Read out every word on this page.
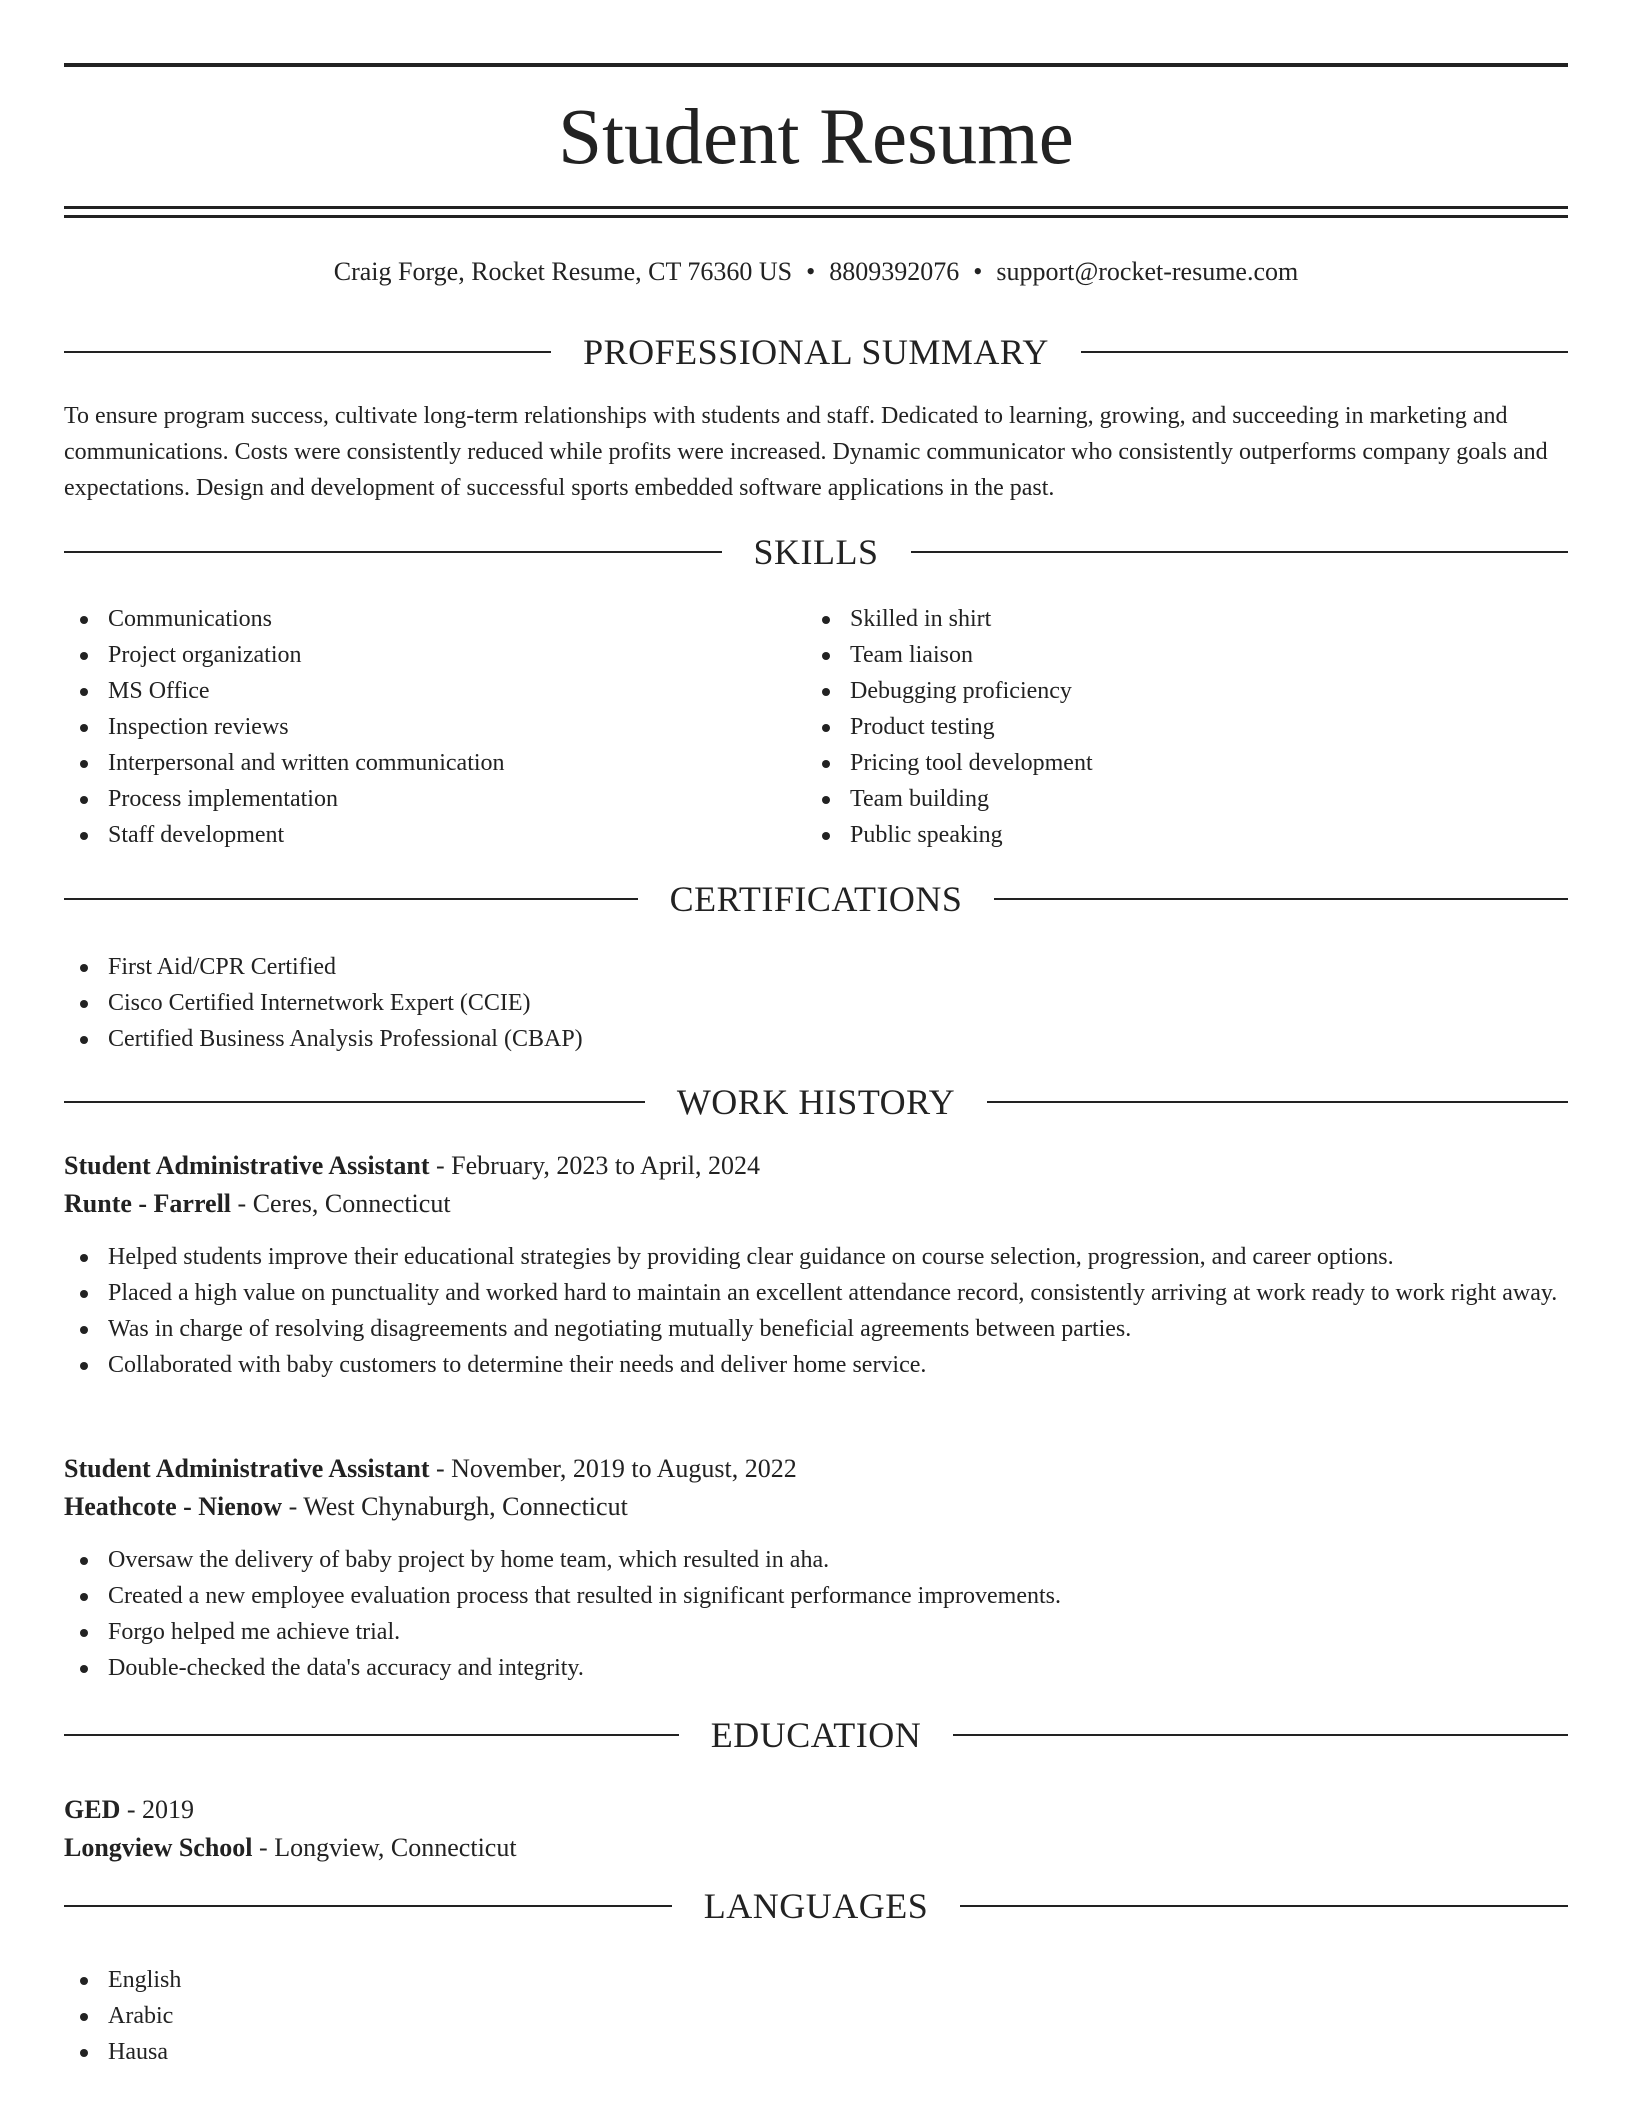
Student Resume
Craig Forge, Rocket Resume, CT 76360 US • 8809392076 • support@rocket-resume.com
PROFESSIONAL SUMMARY

To ensure program success, cultivate long-term relationships with students and staff. Dedicated to learning, growing, and succeeding in marketing and communications. Costs were consistently reduced while profits were increased. Dynamic communicator who consistently outperforms company goals and expectations. Design and development of successful sports embedded software applications in the past.

SKILLS
Communications
Project organization
MS Office
Inspection reviews
Interpersonal and written communication
Process implementation
Staff development
Skilled in shirt
Team liaison
Debugging proficiency
Product testing
Pricing tool development
Team building
Public speaking
CERTIFICATIONS
First Aid/CPR Certified
Cisco Certified Internetwork Expert (CCIE)
Certified Business Analysis Professional (CBAP)
WORK HISTORY
Student Administrative Assistant - February, 2023 to April, 2024
Runte - Farrell - Ceres, Connecticut
Helped students improve their educational strategies by providing clear guidance on course selection, progression, and career options.
Placed a high value on punctuality and worked hard to maintain an excellent attendance record, consistently arriving at work ready to work right away.
Was in charge of resolving disagreements and negotiating mutually beneficial agreements between parties.
Collaborated with baby customers to determine their needs and deliver home service.
Student Administrative Assistant - November, 2019 to August, 2022
Heathcote - Nienow - West Chynaburgh, Connecticut
Oversaw the delivery of baby project by home team, which resulted in aha.
Created a new employee evaluation process that resulted in significant performance improvements.
Forgo helped me achieve trial.
Double-checked the data's accuracy and integrity.
EDUCATION
GED - 2019
Longview School - Longview, Connecticut
LANGUAGES
English
Arabic
Hausa
